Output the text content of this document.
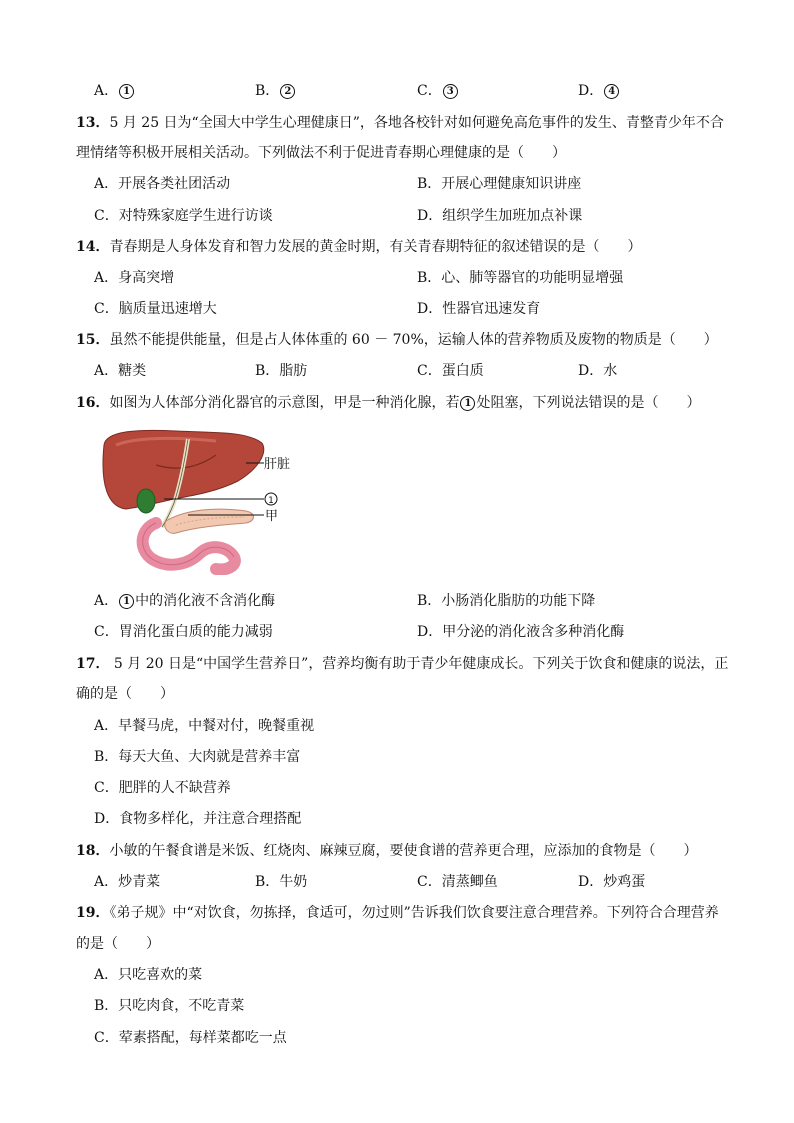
A． 1	B． 2	C． 3	D． 4
13．5 月 25 日为“全国大中学生心理健康日”，各地各校针对如何避免高危事件的发生、青整青少年不合
理情绪等积极开展相关活动。下列做法不利于促进青春期心理健康的是（　　）
A．开展各类社团活动	B．开展心理健康知识讲座
C．对特殊家庭学生进行访谈	D．组织学生加班加点补课
14．青春期是人身体发育和智力发展的黄金时期，有关青春期特征的叙述错误的是（　　）
A．身高突增	B．心、肺等器官的功能明显增强
C．脑质量迅速增大	D．性器官迅速发育
15．虽然不能提供能量，但是占人体体重的 60 － 70%，运输人体的营养物质及废物的物质是（　　）
A．糖类	B．脂肪	C．蛋白质	D．水
16．如图为人体部分消化器官的示意图，甲是一种消化腺，若 1 处阻塞，下列说法错误的是（　　）
肝脏
1
甲
A． 1 中的消化液不含消化酶	B．小肠消化脂肪的功能下降
C．胃消化蛋白质的能力减弱	D．甲分泌的消化液含多种消化酶
17． 5 月 20 日是“中国学生营养日”，营养均衡有助于青少年健康成长。下列关于饮食和健康的说法，正
确的是（　　）
A．早餐马虎，中餐对付，晚餐重视
B．每天大鱼、大肉就是营养丰富
C．肥胖的人不缺营养
D．食物多样化，并注意合理搭配
18．小敏的午餐食谱是米饭、红烧肉、麻辣豆腐，要使食谱的营养更合理，应添加的食物是（　　）
A．炒青菜	B．牛奶	C．清蒸鲫鱼	D．炒鸡蛋
19．《弟子规》中“对饮食，勿拣择，食适可，勿过则”告诉我们饮食要注意合理营养。下列符合合理营养
的是（　　）
A．只吃喜欢的菜
B．只吃肉食，不吃青菜
C．荤素搭配，每样菜都吃一点
